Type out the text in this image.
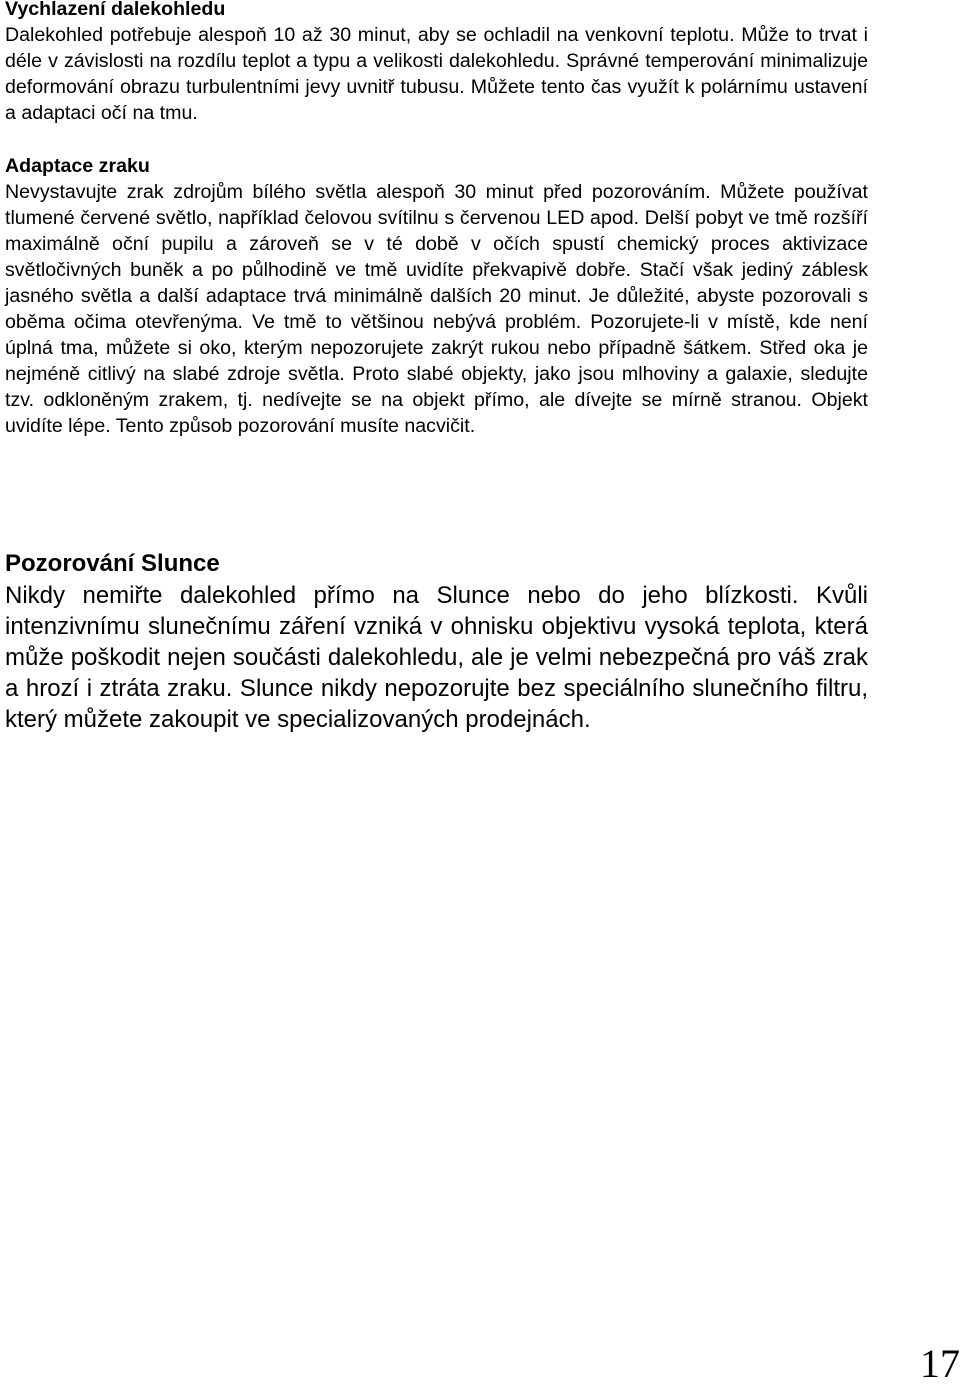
Vychlazení dalekohledu

Dalekohled potřebuje alespoň 10 až 30 minut, aby se ochladil na venkovní teplotu. Může to trvat i déle v závislosti na rozdílu teplot a typu a velikosti dalekohledu. Správné temperování minimalizuje deformování obrazu turbulentními jevy uvnitř tubusu. Můžete tento čas využít k polárnímu ustavení a adaptaci očí na tmu.

Adaptace zraku

Nevystavujte zrak zdrojům bílého světla alespoň 30 minut před pozorováním. Můžete používat tlumené červené světlo, například čelovou svítilnu s červenou LED apod. Delší pobyt ve tmě rozšíří maximálně oční pupilu a zároveň se v té době v očích spustí chemický proces aktivizace světločivných buněk a po půlhodině ve tmě uvidíte překvapivě dobře. Stačí však jediný záblesk jasného světla a další adaptace trvá minimálně dalších 20 minut. Je důležité, abyste pozorovali s oběma očima otevřenýma. Ve tmě to většinou nebývá problém. Pozorujete-li v místě, kde není úplná tma, můžete si oko, kterým nepozorujete zakrýt rukou nebo případně šátkem. Střed oka je nejméně citlivý na slabé zdroje světla. Proto slabé objekty, jako jsou mlhoviny a galaxie, sledujte tzv. odkloněným zrakem, tj. nedívejte se na objekt přímo, ale dívejte se mírně stranou. Objekt uvidíte lépe. Tento způsob pozorování musíte nacvičit.

Pozorování Slunce

Nikdy nemiřte dalekohled přímo na Slunce nebo do jeho blízkosti. Kvůli intenzivnímu slunečnímu záření vzniká v ohnisku objektivu vysoká teplota, která může poškodit nejen součásti dalekohledu, ale je velmi nebezpečná pro váš zrak a hrozí i ztráta zraku. Slunce nikdy nepozorujte bez speciálního slunečního filtru, který můžete zakoupit ve specializovaných prodejnách.

17
